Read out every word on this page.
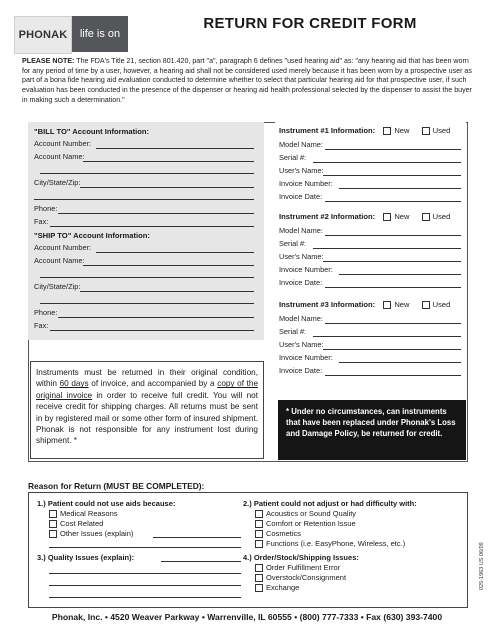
PHONAK	life is on
RETURN FOR CREDIT FORM
PLEASE NOTE: The FDA's Title 21, section 801.420, part "a", paragraph 6 defines "used hearing aid" as: "any hearing aid that has been worn for any period of time by a user, however, a hearing aid shall not be considered used merely because it has been worn by a prospective user as part of a bona fide hearing aid evaluation conducted to determine whether to select that particular hearing aid for that prospective user, if such evaluation has been conducted in the presence of the dispenser or hearing aid health professional selected by the dispenser to assist the buyer in making such a determination."
"BILL TO" Account Information:
Account Number:
Account Name:
City/State/Zip:
Phone:
Fax:
"SHIP TO" Account Information:
Account Number:
Account Name:
City/State/Zip:
Phone:
Fax:
Instrument #1 Information:	New	Used
Model Name:
Serial #:
User's Name:
Invoice Number:
Invoice Date:
Instrument #2 Information:	New	Used
Model Name:
Serial #:
User's Name:
Invoice Number:
Invoice Date:
Instrument #3 Information:	New	Used
Model Name:
Serial #:
User's Name:
Invoice Number:
Invoice Date:
Instruments must be returned in their original condition, within 60 days of invoice, and accompanied by a copy of the original invoice in order to receive full credit. You will not receive credit for shipping charges. All returns must be sent in by registered mail or some other form of insured shipment. Phonak is not responsible for any instrument lost during shipment. *
* Under no circumstances, can instruments that have been replaced under Phonak's Loss and Damage Policy, be returned for credit.
Reason for Return (MUST BE COMPLETED):
1.) Patient could not use aids because:
Medical Reasons
Cost Related
Other Issues (explain)
3.) Quality Issues (explain):
2.) Patient could not adjust or had difficulty with:
Acoustics or Sound Quality
Comfort or Retention Issue
Cosmetics
Functions (i.e. EasyPhone, Wireless, etc.)
4.) Order/Stock/Shipping Issues:
Order Fulfillment Error
Overstock/Consignment
Exchange
Phonak, Inc. • 4520 Weaver Parkway • Warrenville, IL 60555 • (800) 777-7333 • Fax (630) 393-7400
025-1963 US 06/09
